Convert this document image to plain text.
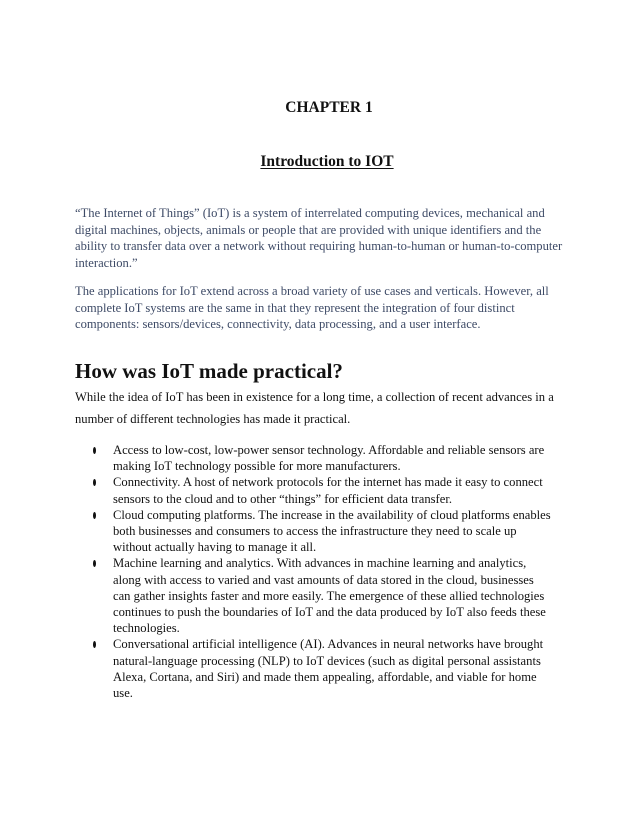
CHAPTER 1
Introduction to IOT
“The Internet of Things” (IoT) is a system of interrelated computing devices, mechanical and digital machines, objects, animals or people that are provided with unique identifiers and the ability to transfer data over a network without requiring human-to-human or human-to-computer interaction.”
The applications for IoT extend across a broad variety of use cases and verticals. However, all complete IoT systems are the same in that they represent the integration of four distinct components: sensors/devices, connectivity, data processing, and a user interface.
How was IoT made practical?
While the idea of IoT has been in existence for a long time, a collection of recent advances in a number of different technologies has made it practical.
Access to low-cost, low-power sensor technology. Affordable and reliable sensors are making IoT technology possible for more manufacturers.
Connectivity. A host of network protocols for the internet has made it easy to connect sensors to the cloud and to other “things” for efficient data transfer.
Cloud computing platforms. The increase in the availability of cloud platforms enables both businesses and consumers to access the infrastructure they need to scale up without actually having to manage it all.
Machine learning and analytics. With advances in machine learning and analytics, along with access to varied and vast amounts of data stored in the cloud, businesses can gather insights faster and more easily. The emergence of these allied technologies continues to push the boundaries of IoT and the data produced by IoT also feeds these technologies.
Conversational artificial intelligence (AI). Advances in neural networks have brought natural-language processing (NLP) to IoT devices (such as digital personal assistants Alexa, Cortana, and Siri) and made them appealing, affordable, and viable for home use.
